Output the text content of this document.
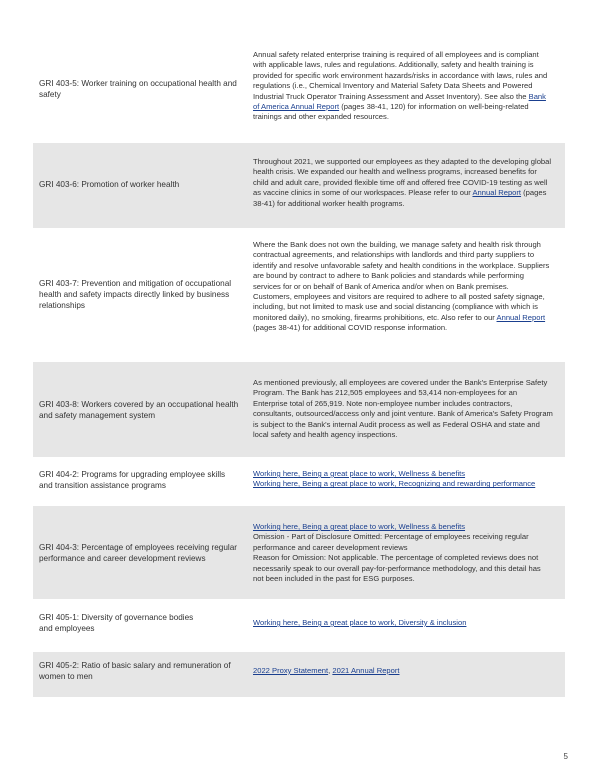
GRI 403-5: Worker training on occupational health and safety

Annual safety related enterprise training is required of all employees and is compliant with applicable laws, rules and regulations. Additionally, safety and health training is provided for specific work environment hazards/risks in accordance with laws, rules and regulations (i.e., Chemical Inventory and Material Safety Data Sheets and Powered Industrial Truck Operator Training Assessment and Asset Inventory). See also the Bank of America Annual Report (pages 38-41, 120) for information on well-being-related trainings and other expanded resources.

GRI 403-6: Promotion of worker health

Throughout 2021, we supported our employees as they adapted to the developing global health crisis. We expanded our health and wellness programs, increased benefits for child and adult care, provided flexible time off and offered free COVID-19 testing as well as vaccine clinics in some of our workspaces. Please refer to our Annual Report (pages 38-41) for additional worker health programs.

GRI 403-7: Prevention and mitigation of occupational health and safety impacts directly linked by business relationships

Where the Bank does not own the building, we manage safety and health risk through contractual agreements, and relationships with landlords and third party suppliers to identify and resolve unfavorable safety and health conditions in the workplace. Suppliers are bound by contract to adhere to Bank policies and standards while performing services for or on behalf of Bank of America and/or when on Bank premises.

Customers, employees and visitors are required to adhere to all posted safety signage, including, but not limited to mask use and social distancing (compliance with which is monitored daily), no smoking, firearms prohibitions, etc. Also refer to our Annual Report (pages 38-41) for additional COVID response information.

GRI 403-8: Workers covered by an occupational health and safety management system

As mentioned previously, all employees are covered under the Bank's Enterprise Safety Program. The Bank has 212,505 employees and 53,414 non-employees for an Enterprise total of 265,919. Note non-employee number includes contractors, consultants, outsourced/access only and joint venture. Bank of America's Safety Program is subject to the Bank's internal Audit process as well as Federal OSHA and state and local safety and health agency inspections.

GRI 404-2: Programs for upgrading employee skills and transition assistance programs

Working here, Being a great place to work, Wellness & benefits

Working here, Being a great place to work, Recognizing and rewarding performance

GRI 404-3: Percentage of employees receiving regular performance and career development reviews

Working here, Being a great place to work, Wellness & benefits

Omission - Part of Disclosure Omitted: Percentage of employees receiving regular performance and career development reviews

Reason for Omission: Not applicable. The percentage of completed reviews does not necessarily speak to our overall pay-for-performance methodology, and this detail has not been included in the past for ESG purposes.

GRI 405-1: Diversity of governance bodies and employees

Working here, Being a great place to work, Diversity & inclusion

GRI 405-2: Ratio of basic salary and remuneration of women to men

2022 Proxy Statement, 2021 Annual Report

5
